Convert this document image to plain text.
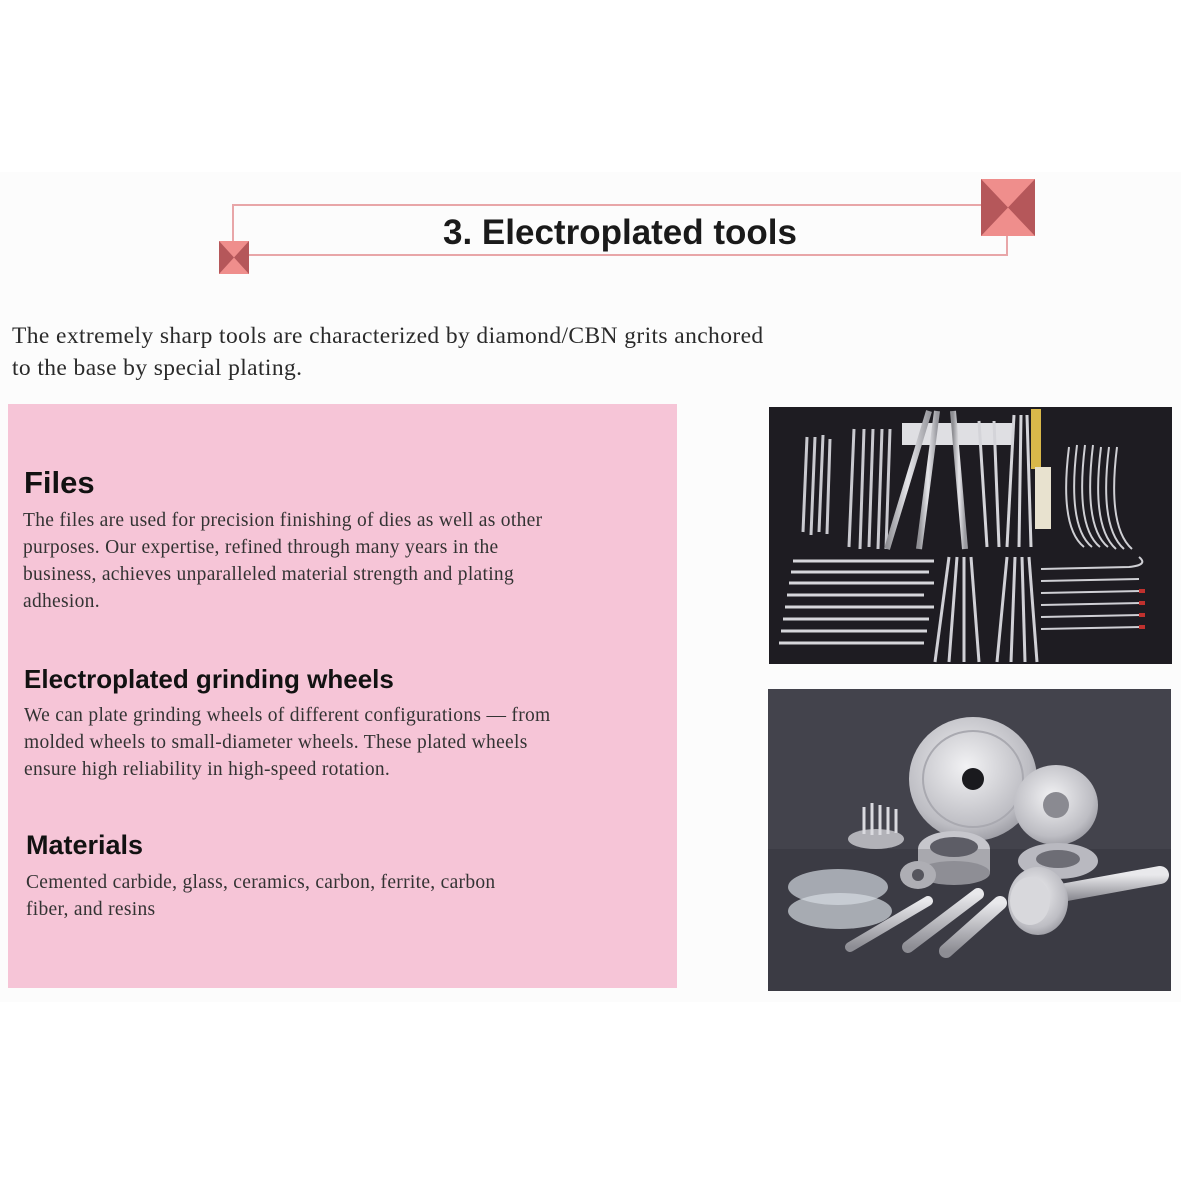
3. Electroplated tools
The extremely sharp tools are characterized by diamond/CBN grits anchored
to the base by special plating.
Files
The files are used for precision finishing of dies as well as other
purposes. Our expertise, refined through many years in the
business, achieves unparalleled material strength and plating
adhesion.
Electroplated grinding wheels
We can plate grinding wheels of different configurations — from
molded wheels to small-diameter wheels. These plated wheels
ensure high reliability in high-speed rotation.
Materials
Cemented carbide, glass, ceramics, carbon, ferrite, carbon
fiber, and resins
